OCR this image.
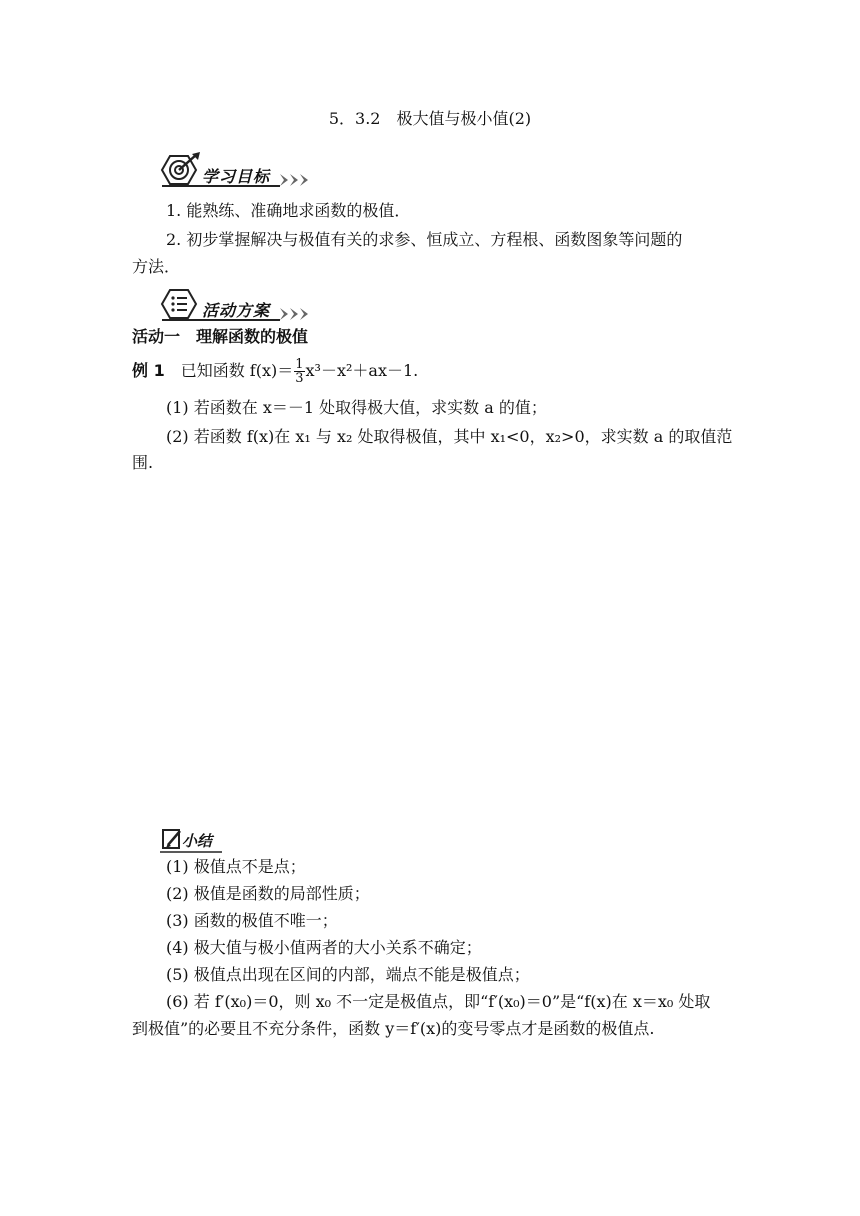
5．3.2　极大值与极小值(2)
学习目标
1. 能熟练、准确地求函数的极值．
2. 初步掌握解决与极值有关的求参、恒成立、方程根、函数图象等问题的
方法．
活动方案
活动一　理解函数的极值
例 1　已知函数 $f(x)= \frac{1}{3} x^3-x^2+ax-1$.
(1) 若函数在 x＝－1 处取得极大值，求实数 a 的值；
(2) 若函数 f(x)在 x₁ 与 x₂ 处取得极值，其中 x₁<0，x₂>0，求实数 a 的取值范
围.
小结
(1) 极值点不是点；
(2) 极值是函数的局部性质；
(3) 函数的极值不唯一；
(4) 极大值与极小值两者的大小关系不确定；
(5) 极值点出现在区间的内部，端点不能是极值点；
(6) 若 f′(x₀)＝0，则 x₀ 不一定是极值点，即“f′(x₀)＝0”是“f(x)在 x＝x₀ 处取
到极值”的必要且不充分条件，函数 y＝f′(x)的变号零点才是函数的极值点.
